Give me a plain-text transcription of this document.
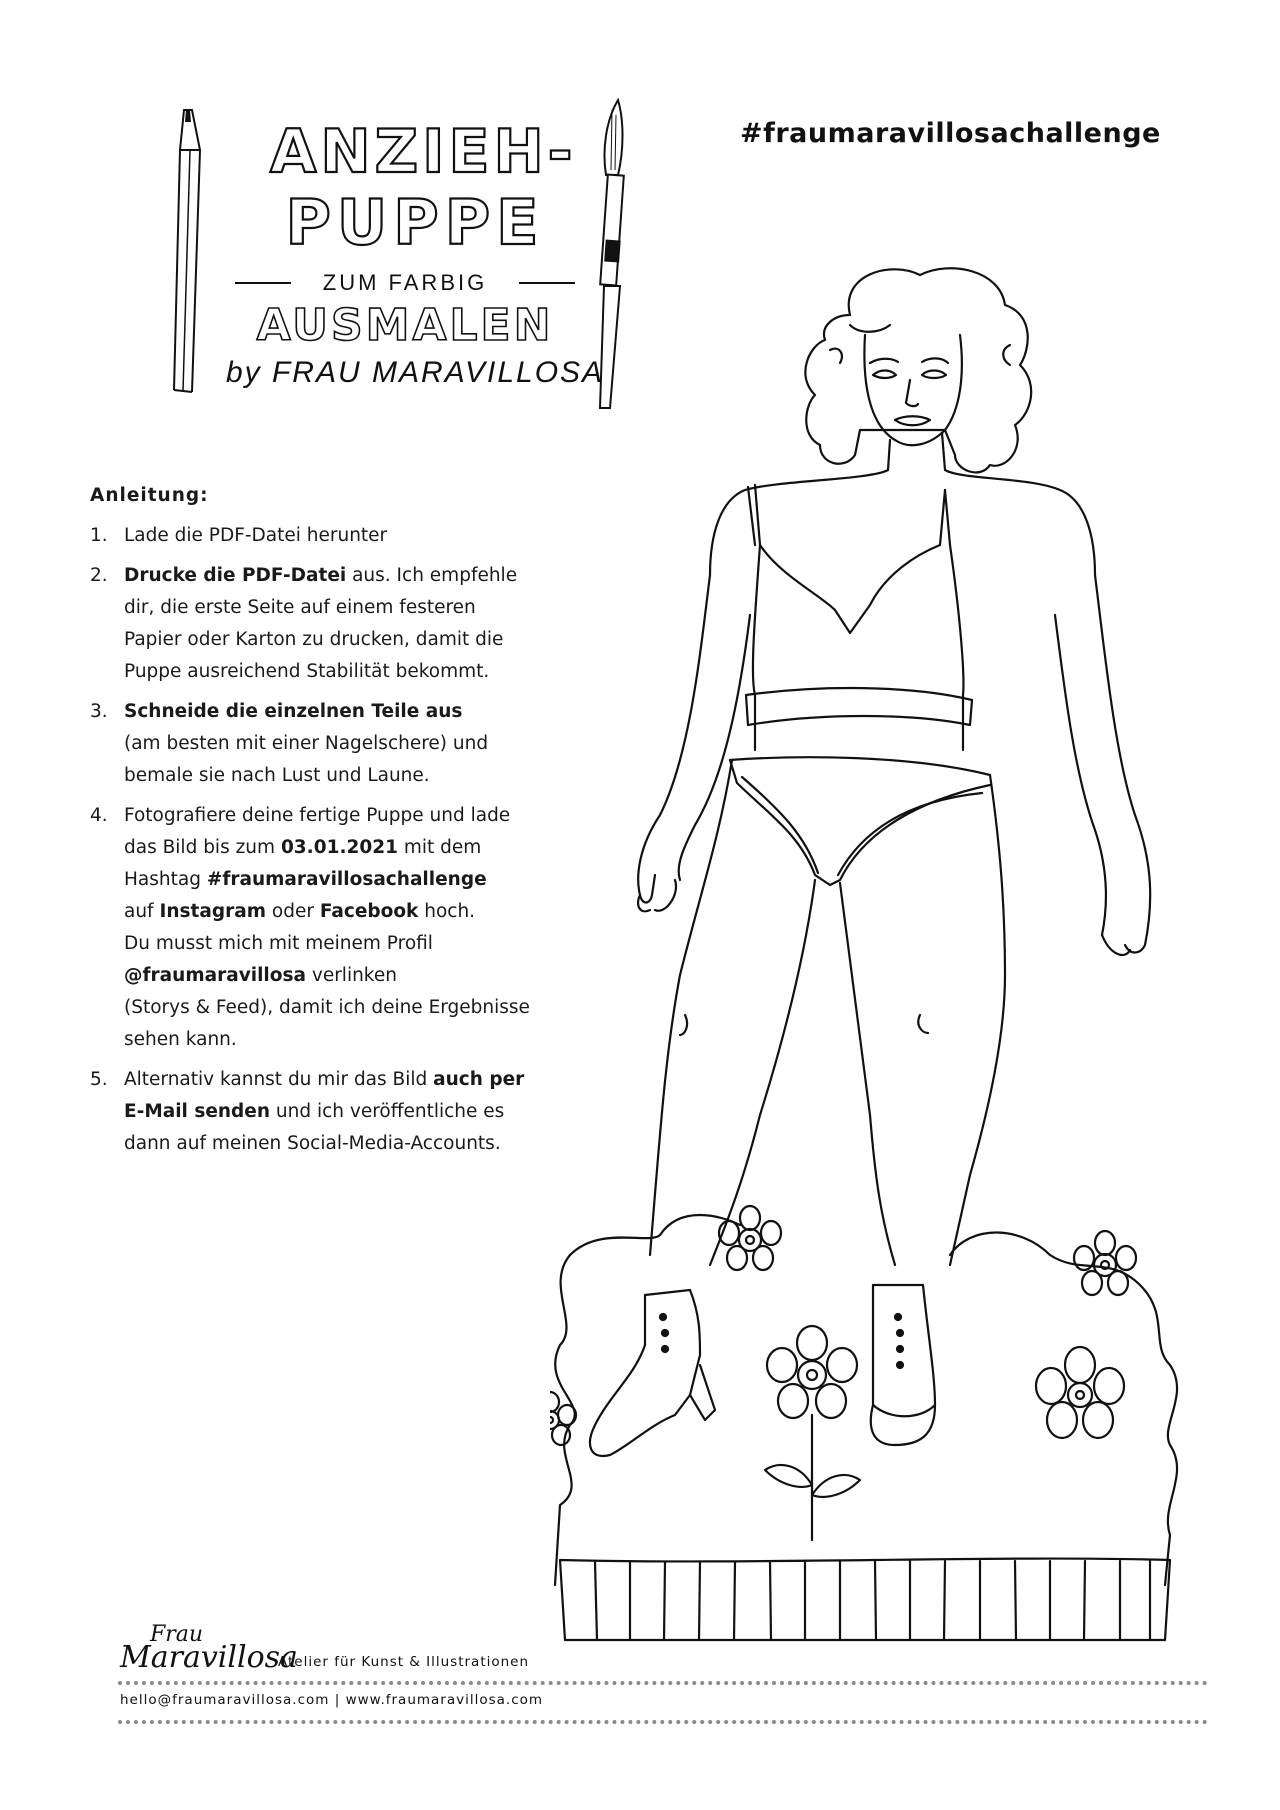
ANZIEH-
PUPPE
ZUM FARBIG
AUSMALEN
by FRAU MARAVILLOSA
#fraumaravillosachallenge
Anleitung:
1. Lade die PDF-Datei herunter
2. Drucke die PDF-Datei aus. Ich empfehle
dir, die erste Seite auf einem festeren
Papier oder Karton zu drucken, damit die
Puppe ausreichend Stabilität bekommt.
3. Schneide die einzelnen Teile aus
(am besten mit einer Nagelschere) und
bemale sie nach Lust und Laune.
4. Fotografiere deine fertige Puppe und lade
das Bild bis zum 03.01.2021 mit dem
Hashtag #fraumaravillosachallenge
auf Instagram oder Facebook hoch.
Du musst mich mit meinem Profil
@fraumaravillosa verlinken
(Storys & Feed), damit ich deine Ergebnisse
sehen kann.
5. Alternativ kannst du mir das Bild auch per
E-Mail senden und ich veröffentliche es
dann auf meinen Social-Media-Accounts.
Frau
Maravillosa
Atelier für Kunst & Illustrationen
hello@fraumaravillosa.com | www.fraumaravillosa.com
